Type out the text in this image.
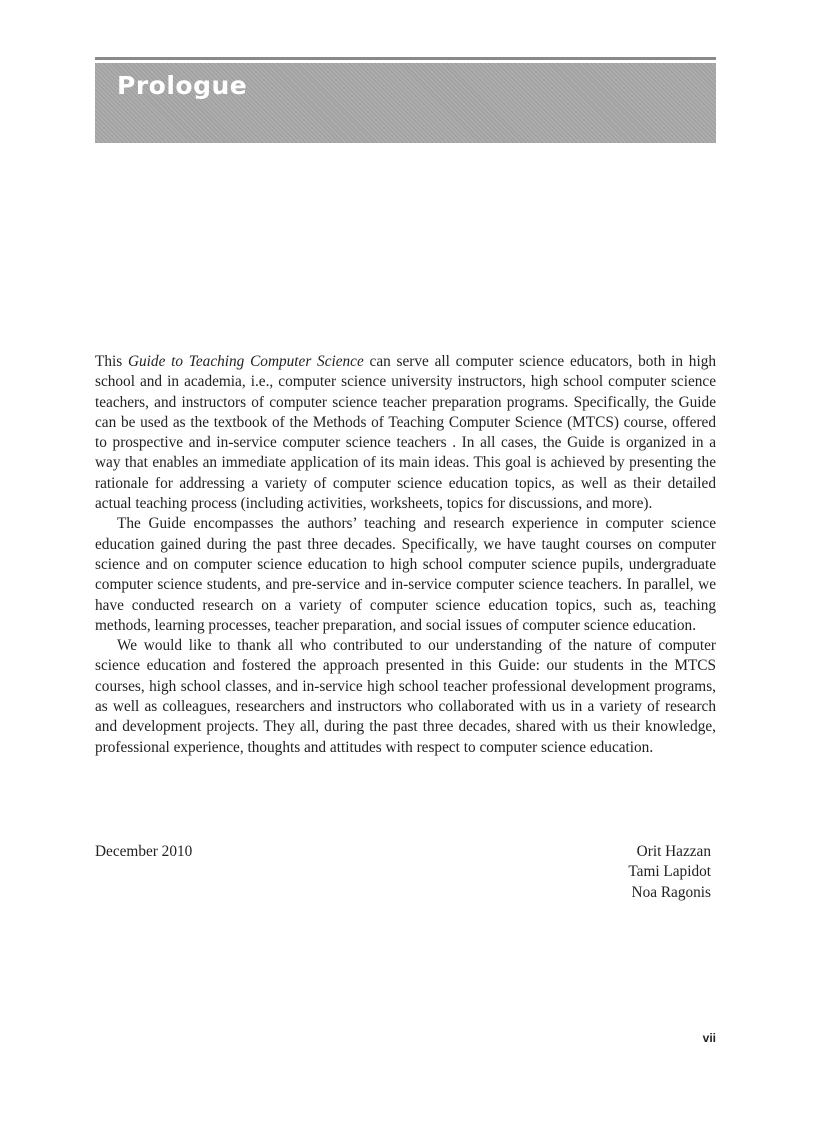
Prologue

This Guide to Teaching Computer Science can serve all computer science educators, both in high school and in academia, i.e., computer science university instructors, high school computer science teachers, and instructors of computer science teacher preparation programs. Specifically, the Guide can be used as the textbook of the Methods of Teaching Computer Science (MTCS) course, offered to prospective and in-service computer science teachers . In all cases, the Guide is organized in a way that enables an immediate application of its main ideas. This goal is achieved by presenting the rationale for addressing a variety of computer science education topics, as well as their detailed actual teaching process (including activities, worksheets, topics for discussions, and more).

The Guide encompasses the authors’ teaching and research experience in computer science education gained during the past three decades. Specifically, we have taught courses on computer science and on computer science education to high school computer science pupils, undergraduate computer science students, and pre-service and in-service computer science teachers. In parallel, we have conducted research on a variety of computer science education topics, such as, teaching methods, learning processes, teacher preparation, and social issues of computer science education.

We would like to thank all who contributed to our understanding of the nature of computer science education and fostered the approach presented in this Guide: our students in the MTCS courses, high school classes, and in-service high school teacher professional development programs, as well as colleagues, researchers and instructors who collaborated with us in a variety of research and development projects. They all, during the past three decades, shared with us their knowledge, professional experience, thoughts and attitudes with respect to computer science education.

December 2010	Orit Hazzan
Tami Lapidot
Noa Ragonis
vii
